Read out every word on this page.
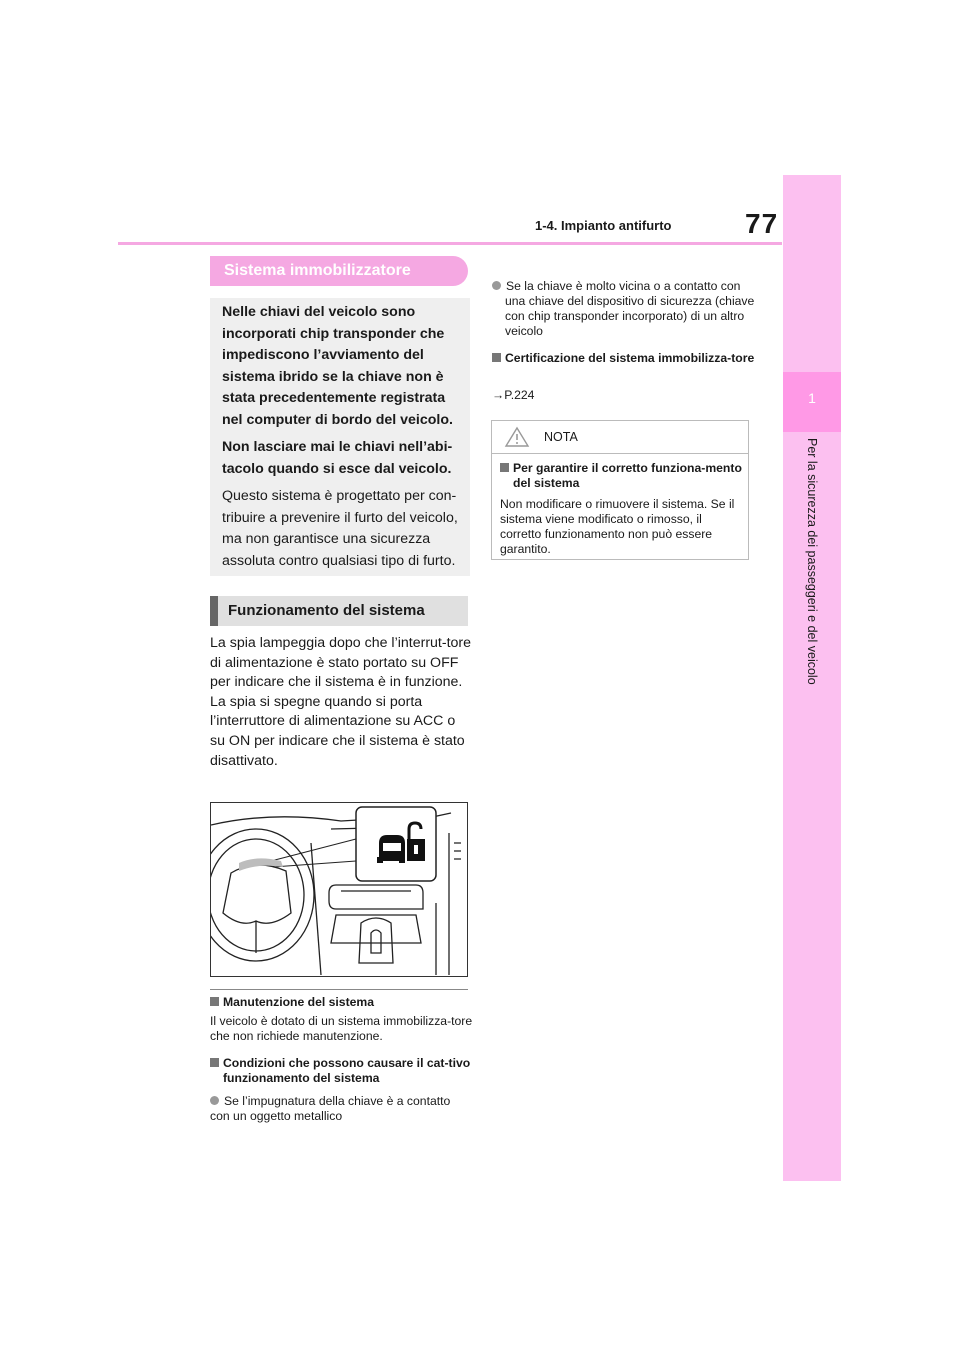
1-4. Impianto antifurto	77
1
Per la sicurezza dei passeggeri e del veicolo
Sistema immobilizzatore

Nelle chiavi del veicolo sono incorporati chip transponder che impediscono l’avviamento del sistema ibrido se la chiave non è stata precedentemente registrata nel computer di bordo del veicolo.

Non lasciare mai le chiavi nell’abi-tacolo quando si esce dal veicolo.

Questo sistema è progettato per con-tribuire a prevenire il furto del veicolo, ma non garantisce una sicurezza assoluta contro qualsiasi tipo di furto.

Funzionamento del sistema

La spia lampeggia dopo che l’interrut-tore di alimentazione è stato portato su OFF per indicare che il sistema è in funzione.

La spia si spegne quando si porta l’interruttore di alimentazione su ACC o su ON per indicare che il sistema è stato disattivato.

Manutenzione del sistema
Il veicolo è dotato di un sistema immobilizza-tore che non richiede manutenzione.
Condizioni che possono causare il cat-tivo funzionamento del sistema
Se l’impugnatura della chiave è a contatto con un oggetto metallico
Se la chiave è molto vicina o a contatto con una chiave del dispositivo di sicurezza (chiave con chip transponder incorporato) di un altro veicolo
Certificazione del sistema immobilizza-tore
→P.224
NOTA
Per garantire il corretto funziona-mento del sistema
Non modificare o rimuovere il sistema. Se il sistema viene modificato o rimosso, il corretto funzionamento non può essere garantito.
